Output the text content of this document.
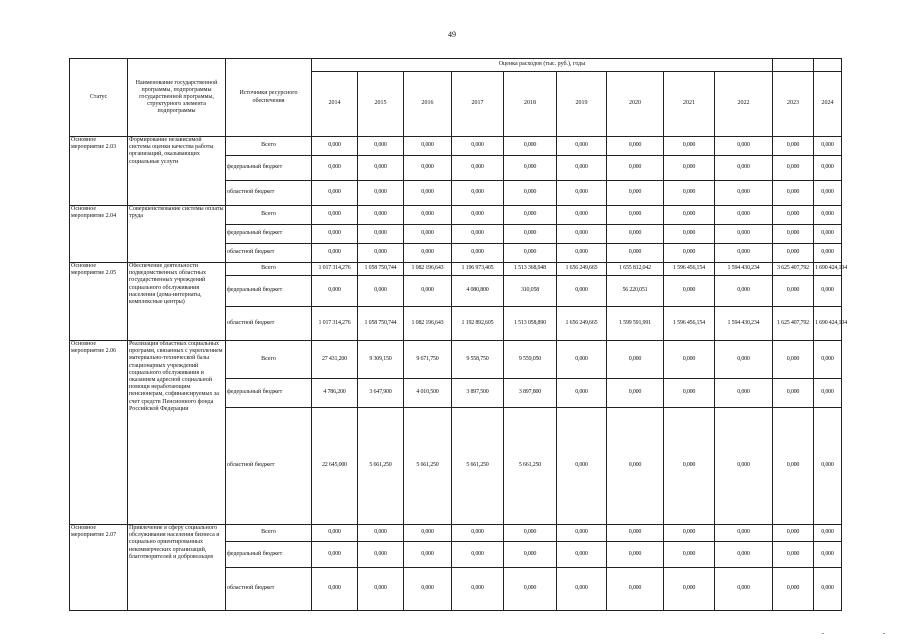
49
Статус	Наименование государственной программы, подпрограммы государственной программы, структурного элемента подпрограммы	Источники ресурсного обеспечения	Оценка расходов (тыс. руб.), годы										
			2014	2015	2016	2017	2018	2019	2020	2021	2022	2023	2024
Основное мероприятие 2.03	Формирование независимой системы оценки качества работы организаций, оказывающих социальные услуги	Всего	0,000	0,000	0,000	0,000	0,000	0,000	0,000	0,000	0,000	0,000	0,000
		федеральный бюджет	0,000	0,000	0,000	0,000	0,000	0,000	0,000	0,000	0,000	0,000	0,000
		областной бюджет	0,000	0,000	0,000	0,000	0,000	0,000	0,000	0,000	0,000	0,000	0,000
Основное мероприятие 2.04	Совершенствование системы оплаты труда	Всего	0,000	0,000	0,000	0,000	0,000	0,000	0,000	0,000	0,000	0,000	0,000
		федеральный бюджет	0,000	0,000	0,000	0,000	0,000	0,000	0,000	0,000	0,000	0,000	0,000
		областной бюджет	0,000	0,000	0,000	0,000	0,000	0,000	0,000	0,000	0,000	0,000	0,000
Основное мероприятие 2.05	Обеспечение деятельности подведомственных областных государственных учреждений социального обслуживания населения (дома-интернаты, комплексные центры)	Всего	1 017 314,276	1 058 750,744	1 082 196,643	1 196 973,405	1 513 368,948	1 656 249,665	1 655 812,042	1 596 456,154	1 594 430,234	3 625 407,792	1 690 424,104
		федеральный бюджет	0,000	0,000	0,000	4 080,800	310,058	0,000	56 220,051	0,000	0,000	0,000	0,000
		областной бюджет	1 017 314,276	1 058 750,744	1 082 196,643	1 192 892,605	1 513 058,890	1 656 249,665	1 599 591,991	1 596 456,154	1 594 430,234	1 625 407,792	1 690 424,104
Основное мероприятие 2.06	Реализация областных социальных программ, связанных с укреплением материально-технической базы стационарных учреждений социального обслуживания и оказанием адресной социальной помощи неработающим пенсионерам, софинансируемых за счет средств Пенсионного фонда Российской Федерации	Всего	27 431,200	9 309,150	9 671,750	9 558,750	9 559,050	0,000	0,000	0,000	0,000	0,000	0,000
		федеральный бюджет	4 786,200	3 647,900	4 010,500	3 897,500	3 897,800	0,000	0,000	0,000	0,000	0,000	0,000
		областной бюджет	22 645,000	5 661,250	5 661,250	5 661,250	5 661,250	0,000	0,000	0,000	0,000	0,000	0,000
Основное мероприятие 2.07	Привлечение в сферу социального обслуживания населения бизнеса и социально ориентированных некоммерческих организаций, благотворителей и добровольцев	Всего	0,000	0,000	0,000	0,000	0,000	0,000	0,000	0,000	0,000	0,000	0,000
		федеральный бюджет	0,000	0,000	0,000	0,000	0,000	0,000	0,000	0,000	0,000	0,000	0,000
		областной бюджет	0,000	0,000	0,000	0,000	0,000	0,000	0,000	0,000	0,000	0,000	0,000
